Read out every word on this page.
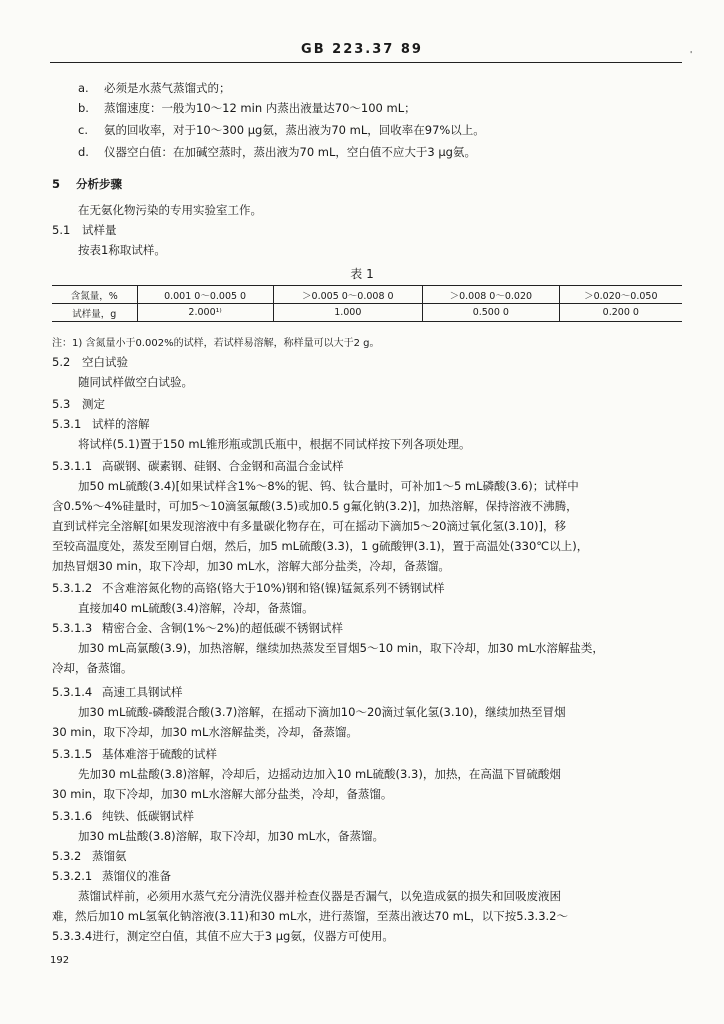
GB 223.37 89	'
a. 必须是水蒸气蒸馏式的；
b. 蒸馏速度：一般为10～12 min 内蒸出液量达70～100 mL；
c. 氨的回收率，对于10～300 μg氨，蒸出液为70 mL，回收率在97%以上。
d. 仪器空白值：在加碱空蒸时，蒸出液为70 mL，空白值不应大于3 μg氨。
5 分析步骤
在无氨化物污染的专用实验室工作。
5.1 试样量
按表1称取试样。
表 1
含氮量，%	0.001 0～0.005 0	＞0.005 0～0.008 0	＞0.008 0～0.020	＞0.020～0.050
试样量，g	2.000¹⁾	1.000	0.500 0	0.200 0
注：1) 含氮量小于0.002%的试样，若试样易溶解，称样量可以大于2 g。
5.2 空白试验
随同试样做空白试验。
5.3 测定
5.3.1 试样的溶解
将试样(5.1)置于150 mL锥形瓶或凯氏瓶中，根据不同试样按下列各项处理。
5.3.1.1 高碳钢、碳素钢、硅钢、合金钢和高温合金试样
加50 mL硫酸(3.4)[如果试样含1%～8%的铌、钨、钛合量时，可补加1～5 mL磷酸(3.6)；试样中
含0.5%～4%硅量时，可加5～10滴氢氟酸(3.5)或加0.5 g氟化钠(3.2)]，加热溶解，保持溶液不沸腾，
直到试样完全溶解[如果发现溶液中有多量碳化物存在，可在摇动下滴加5～20滴过氧化氢(3.10)]，移
至较高温度处，蒸发至刚冒白烟，然后，加5 mL硫酸(3.3)，1 g硫酸钾(3.1)，置于高温处(330℃以上)，
加热冒烟30 min，取下冷却，加30 mL水，溶解大部分盐类，冷却，备蒸馏。
5.3.1.2 不含难溶氮化物的高铬(铬大于10%)钢和铬(镍)锰氮系列不锈钢试样
直接加40 mL硫酸(3.4)溶解，冷却，备蒸馏。
5.3.1.3 精密合金、含铜(1%～2%)的超低碳不锈钢试样
加30 mL高氯酸(3.9)，加热溶解，继续加热蒸发至冒烟5～10 min，取下冷却，加30 mL水溶解盐类，
冷却，备蒸馏。
5.3.1.4 高速工具钢试样
加30 mL硫酸-磷酸混合酸(3.7)溶解，在摇动下滴加10～20滴过氧化氢(3.10)，继续加热至冒烟
30 min，取下冷却，加30 mL水溶解盐类，冷却，备蒸馏。
5.3.1.5 基体难溶于硫酸的试样
先加30 mL盐酸(3.8)溶解，冷却后，边摇动边加入10 mL硫酸(3.3)，加热，在高温下冒硫酸烟
30 min，取下冷却，加30 mL水溶解大部分盐类，冷却，备蒸馏。
5.3.1.6 纯铁、低碳钢试样
加30 mL盐酸(3.8)溶解，取下冷却，加30 mL水，备蒸馏。
5.3.2 蒸馏氨
5.3.2.1 蒸馏仪的准备
蒸馏试样前，必须用水蒸气充分清洗仪器并检查仪器是否漏气，以免造成氨的损失和回吸废液困
难，然后加10 mL氢氧化钠溶液(3.11)和30 mL水，进行蒸馏，至蒸出液达70 mL，以下按5.3.3.2～
5.3.3.4进行，测定空白值，其值不应大于3 μg氨，仪器方可使用。
192
